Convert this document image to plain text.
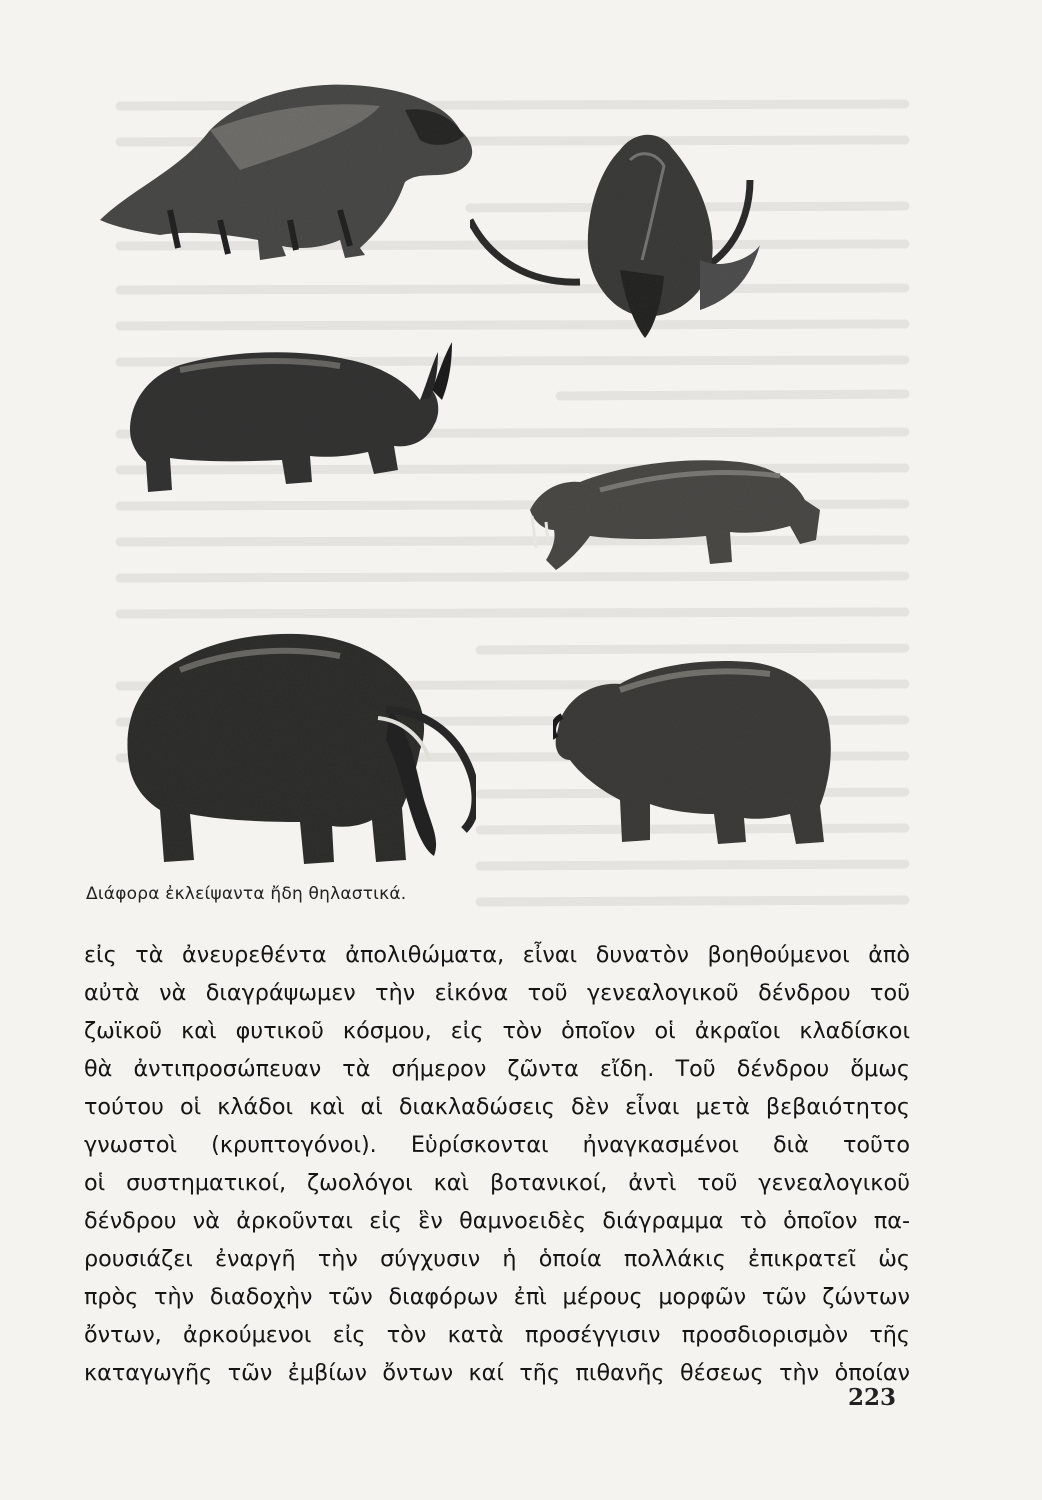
Διάφορα ἐκλείψαντα ἤδη θηλαστικά.
εἰς τὰ ἀνευρεθέντα ἀπολιθώματα, εἶναι δυνατὸν βοηθούμενοι ἀπὸ
αὐτὰ νὰ διαγράψωμεν τὴν εἰκόνα τοῦ γενεαλογικοῦ δένδρου τοῦ
ζωϊκοῦ καὶ φυτικοῦ κόσμου, εἰς τὸν ὁποῖον οἱ ἀκραῖοι κλαδίσκοι
θὰ ἀντιπροσώπευαν τὰ σήμερον ζῶντα εἴδη. Τοῦ δένδρου ὅμως
τούτου οἱ κλάδοι καὶ αἱ διακλαδώσεις δὲν εἶναι μετὰ βεβαιότητος
γνωστοὶ (κρυπτογόνοι). Εὑρίσκονται ἠναγκασμένοι διὰ τοῦτο
οἱ συστηματικοί, ζωολόγοι καὶ βοτανικοί, ἀντὶ τοῦ γενεαλογικοῦ
δένδρου νὰ ἀρκοῦνται εἰς ἓν θαμνοειδὲς διάγραμμα τὸ ὁποῖον πα-
ρουσιάζει ἐναργῆ τὴν σύγχυσιν ἡ ὁποία πολλάκις ἐπικρατεῖ ὡς
πρὸς τὴν διαδοχὴν τῶν διαφόρων ἐπὶ μέρους μορφῶν τῶν ζώντων
ὄντων, ἀρκούμενοι εἰς τὸν κατὰ προσέγγισιν προσδιορισμὸν τῆς
καταγωγῆς τῶν ἐμβίων ὄντων καί τῆς πιθανῆς θέσεως τὴν ὁποίαν
223
